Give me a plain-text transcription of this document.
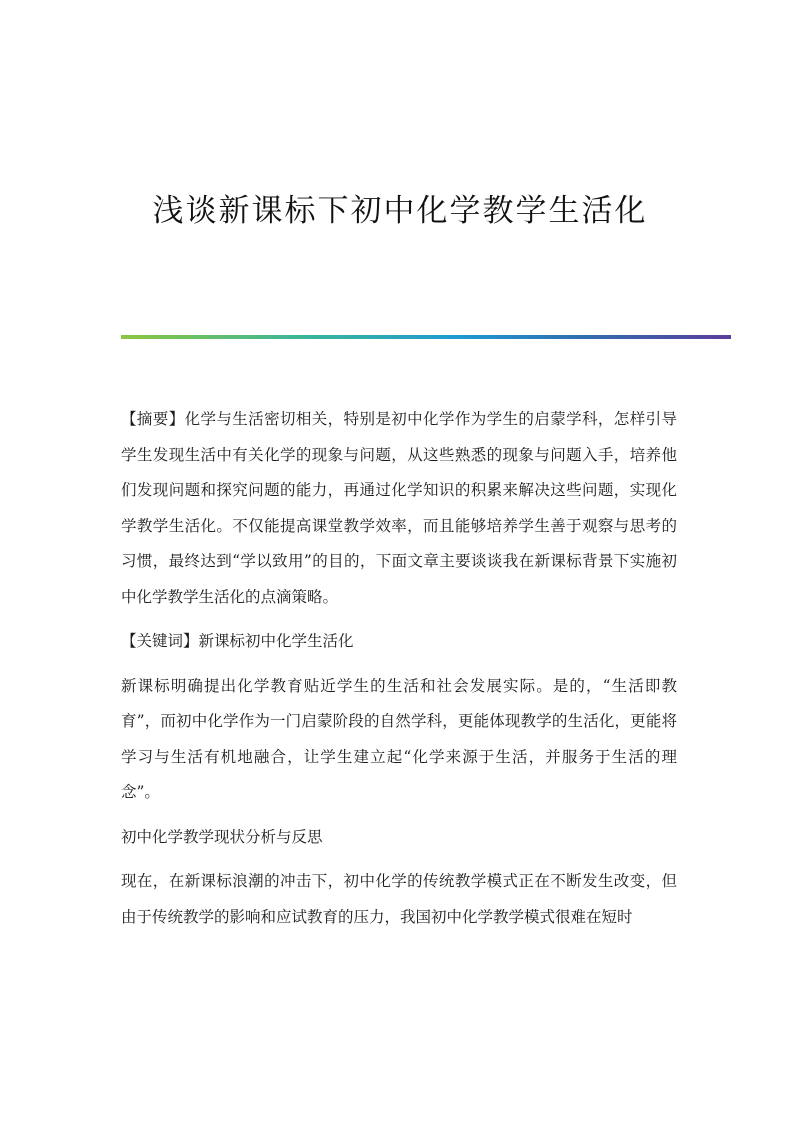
浅谈新课标下初中化学教学生活化

【摘要】化学与生活密切相关，特别是初中化学作为学生的启蒙学科，怎样引导学生发现生活中有关化学的现象与问题，从这些熟悉的现象与问题入手，培养他们发现问题和探究问题的能力，再通过化学知识的积累来解决这些问题，实现化学教学生活化。不仅能提高课堂教学效率，而且能够培养学生善于观察与思考的习惯，最终达到“学以致用”的目的，下面文章主要谈谈我在新课标背景下实施初中化学教学生活化的点滴策略。

【关键词】新课标初中化学生活化

新课标明确提出化学教育贴近学生的生活和社会发展实际。是的，“生活即教育”，而初中化学作为一门启蒙阶段的自然学科，更能体现教学的生活化，更能将学习与生活有机地融合，让学生建立起“化学来源于生活，并服务于生活的理念”。

初中化学教学现状分析与反思

现在，在新课标浪潮的冲击下，初中化学的传统教学模式正在不断发生改变，但由于传统教学的影响和应试教育的压力，我国初中化学教学模式很难在短时
